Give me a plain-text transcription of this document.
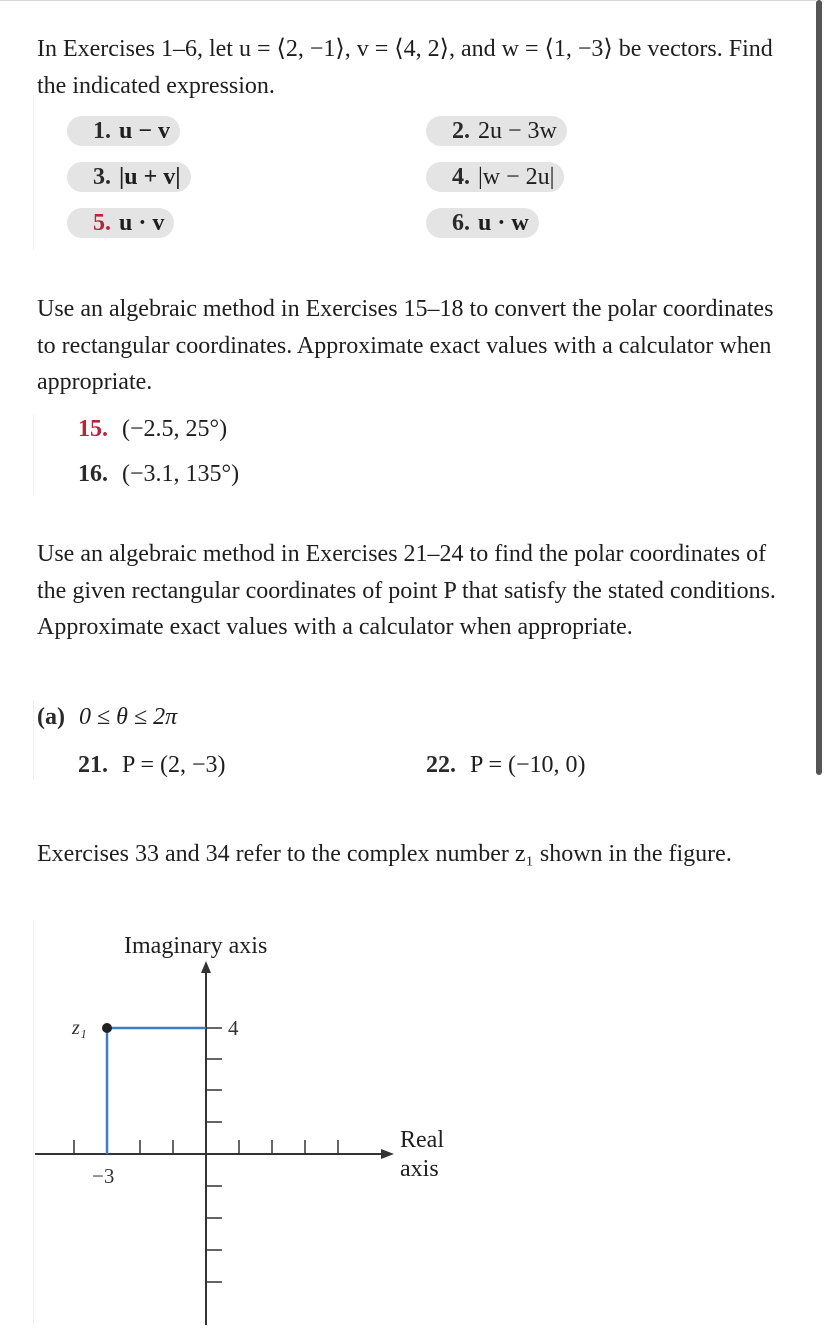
In Exercises 1–6, let u = ⟨2, −1⟩, v = ⟨4, 2⟩, and w = ⟨1, −3⟩ be vectors. Find the indicated expression.

1. u − v	2. 2u − 3w
3. |u + v|	4. |w − 2u|
5. u · v	6. u · w

Use an algebraic method in Exercises 15–18 to convert the polar coordinates to rectangular coordinates. Approximate exact values with a calculator when appropriate.

15. (−2.5, 25°)
16. (−3.1, 135°)

Use an algebraic method in Exercises 21–24 to find the polar coordinates of the given rectangular coordinates of point P that satisfy the stated conditions. Approximate exact values with a calculator when appropriate.

(a) 0 ≤ θ ≤ 2π
21. P = (2, −3)	22. P = (−10, 0)

Exercises 33 and 34 refer to the complex number z₁ shown in the figure.

Imaginary axis
Real
axis
z₁	4
−3
